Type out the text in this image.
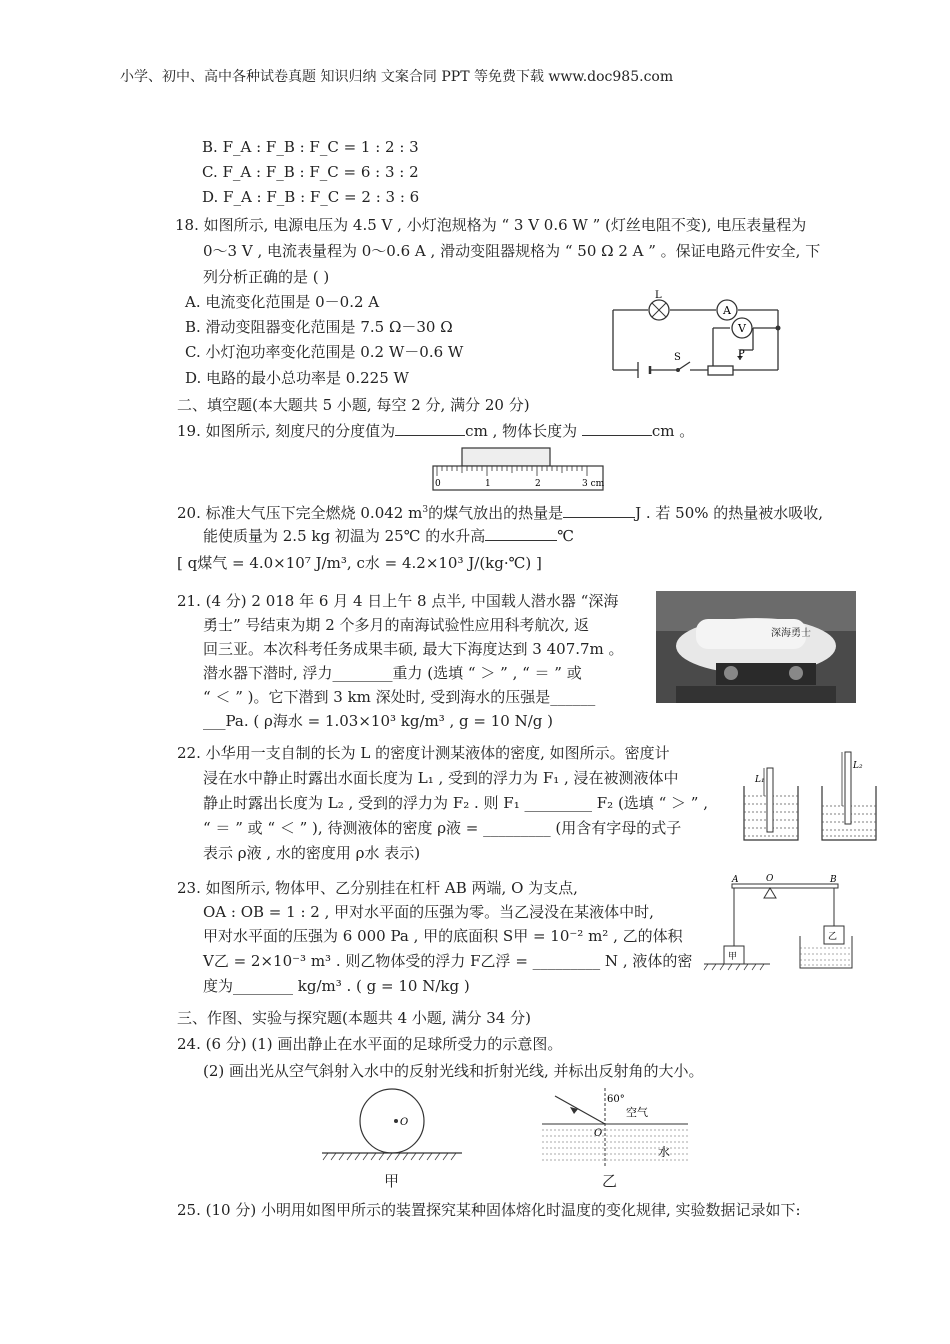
小学、初中、高中各种试卷真题 知识归纳 文案合同 PPT 等免费下载 www.doc985.com
B. F_A : F_B : F_C = 1 : 2 : 3
C. F_A : F_B : F_C = 6 : 3 : 2
D. F_A : F_B : F_C = 2 : 3 : 6
18. 如图所示, 电源电压为 4.5 V , 小灯泡规格为 “ 3 V 0.6 W ” (灯丝电阻不变), 电压表量程为
0～3 V , 电流表量程为 0～0.6 A , 滑动变阻器规格为 “ 50 Ω 2 A ” 。保证电路元件安全, 下
列分析正确的是 ( )
A. 电流变化范围是 0－0.2 A
B. 滑动变阻器变化范围是 7.5 Ω－30 Ω
C. 小灯泡功率变化范围是 0.2 W－0.6 W
D. 电路的最小总功率是 0.225 W
L
A
V
S	P
二、填空题(本大题共 5 小题, 每空 2 分, 满分 20 分)
19. 如图所示, 刻度尺的分度值为	cm , 物体长度为	cm 。
0	1	2	3 cm
20. 标准大气压下完全燃烧 0.042 $m^3$的煤气放出的热量是	J . 若 50% 的热量被水吸收,
能使质量为 2.5 kg 初温为 25℃ 的水升高	℃
[ q煤气 = 4.0×10⁷ J/m³, c水 = 4.2×10³ J/(kg·℃) ]
21. (4 分) 2 018 年 6 月 4 日上午 8 点半, 中国载人潜水器 “深海
勇士” 号结束为期 2 个多月的南海试验性应用科考航次, 返
回三亚。本次科考任务成果丰硕, 最大下海度达到 3 407.7m 。
潜水器下潜时, 浮力________重力 (选填 “ ＞ ” , “ ＝ ” 或
“ ＜ ” )。它下潜到 3 km 深处时, 受到海水的压强是______
___Pa. ( ρ海水 = 1.03×10³ kg/m³ , g = 10 N/g )
深海勇士
22. 小华用一支自制的长为 L 的密度计测某液体的密度, 如图所示。密度计
浸在水中静止时露出水面长度为 L₁ , 受到的浮力为 F₁ , 浸在被测液体中
静止时露出长度为 L₂ , 受到的浮力为 F₂ . 则 F₁ _________ F₂ (选填 “ ＞ ” ,
“ ＝ ” 或 “ ＜ ” ), 待测液体的密度 ρ液 = _________ (用含有字母的式子
表示 ρ液 , 水的密度用 ρ水 表示)
L₁
L₂
23. 如图所示, 物体甲、乙分别挂在杠杆 AB 两端, O 为支点,
OA : OB = 1 : 2 , 甲对水平面的压强为零。当乙浸没在某液体中时,
甲对水平面的压强为 6 000 Pa , 甲的底面积 S甲 = 10⁻² m² , 乙的体积
V乙 = 2×10⁻³ m³ . 则乙物体受的浮力 F乙浮 = _________ N , 液体的密
度为________ kg/m³ . ( g = 10 N/kg )
A	O	B
甲
乙
三、作图、实验与探究题(本题共 4 小题, 满分 34 分)
24. (6 分) (1) 画出静止在水平面的足球所受力的示意图。
(2) 画出光从空气斜射入水中的反射光线和折射光线, 并标出反射角的大小。
O
甲
60°
空气
O
水
乙
25. (10 分) 小明用如图甲所示的装置探究某种固体熔化时温度的变化规律, 实验数据记录如下:
